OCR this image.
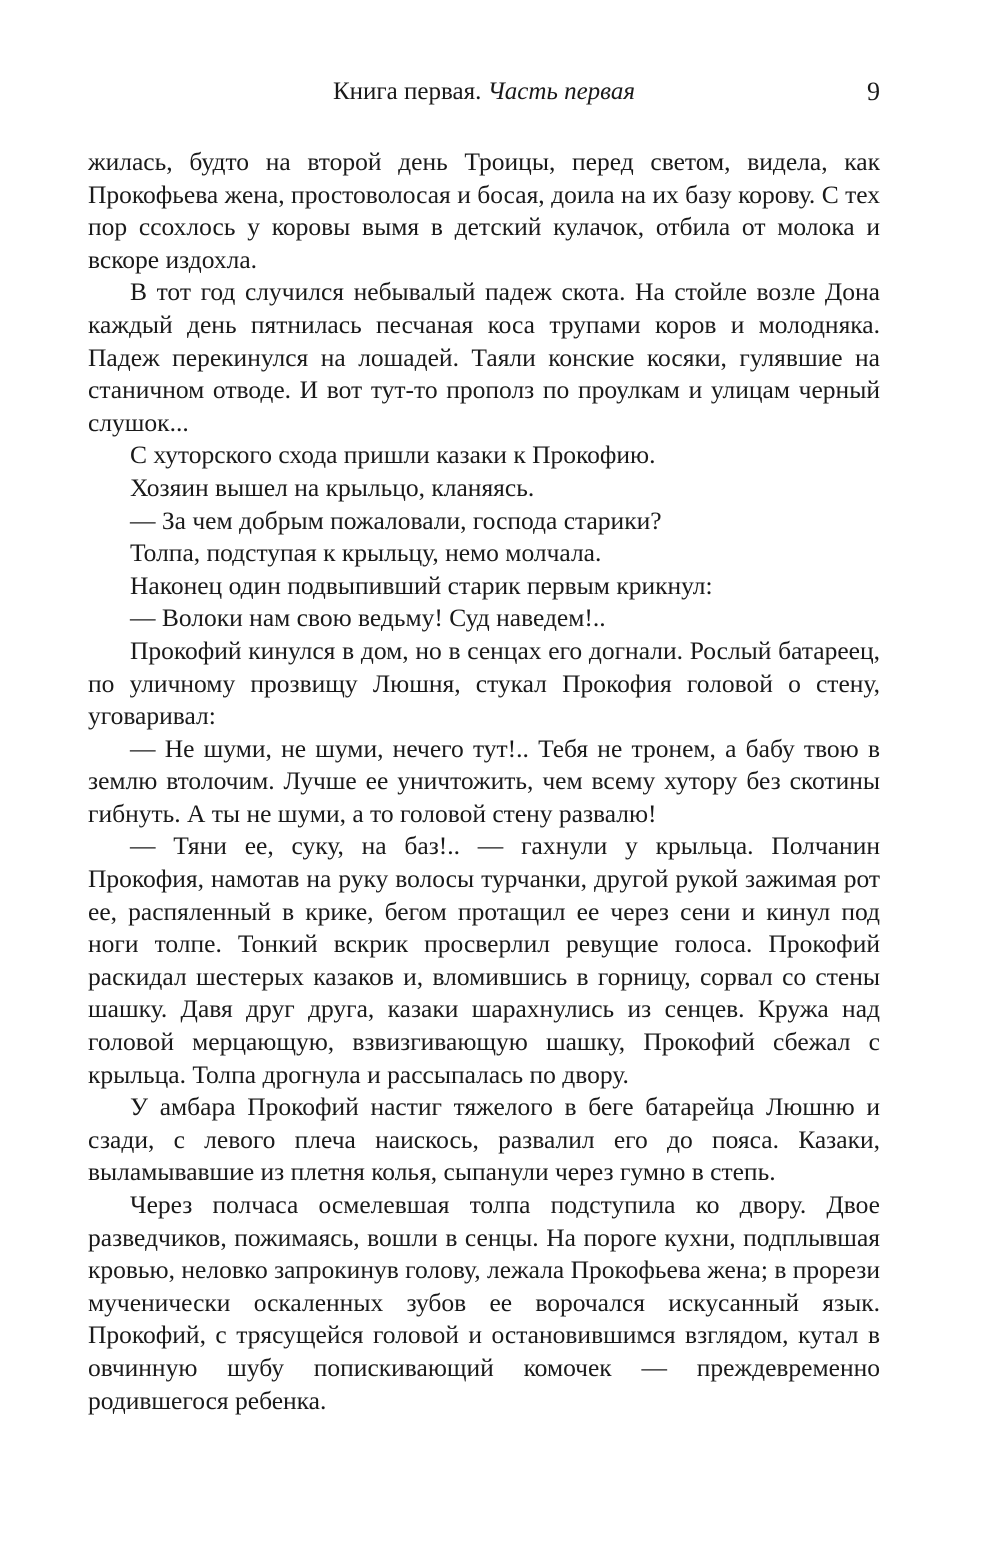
Книга первая. Часть первая	9

жилась, будто на второй день Троицы, перед светом, видела, как Прокофьева жена, простоволосая и босая, доила на их базу корову. С тех пор ссохлось у коровы вымя в детский кулачок, отбила от молока и вскоре издохла.

В тот год случился небывалый падеж скота. На стойле возле Дона каждый день пятнилась песчаная коса трупами коров и молодняка. Падеж перекинулся на лошадей. Таяли конские косяки, гулявшие на станичном отводе. И вот тут-то прополз по проулкам и улицам черный слушок...

С хуторского схода пришли казаки к Прокофию.

Хозяин вышел на крыльцо, кланяясь.

— За чем добрым пожаловали, господа старики?

Толпа, подступая к крыльцу, немо молчала.

Наконец один подвыпивший старик первым крикнул:

— Волоки нам свою ведьму! Суд наведем!..

Прокофий кинулся в дом, но в сенцах его догнали. Рослый батареец, по уличному прозвищу Люшня, стукал Прокофия головой о стену, уговаривал:

— Не шуми, не шуми, нечего тут!.. Тебя не тронем, а бабу твою в землю втолочим. Лучше ее уничтожить, чем всему хутору без скотины гибнуть. А ты не шуми, а то головой стену развалю!

— Тяни ее, суку, на баз!.. — гахнули у крыльца. Полчанин Прокофия, намотав на руку волосы турчанки, другой рукой зажимая рот ее, распяленный в крике, бегом протащил ее через сени и кинул под ноги толпе. Тонкий вскрик просверлил ревущие голоса. Прокофий раскидал шестерых казаков и, вломившись в горницу, сорвал со стены шашку. Давя друг друга, казаки шарахнулись из сенцев. Кружа над головой мерцающую, взвизгивающую шашку, Прокофий сбежал с крыльца. Толпа дрогнула и рассыпалась по двору.

У амбара Прокофий настиг тяжелого в беге батарейца Люшню и сзади, с левого плеча наискось, развалил его до пояса. Казаки, выламывавшие из плетня колья, сыпанули через гумно в степь.

Через полчаса осмелевшая толпа подступила ко двору. Двое разведчиков, пожимаясь, вошли в сенцы. На пороге кухни, подплывшая кровью, неловко запрокинув голову, лежала Прокофьева жена; в прорези мученически оскаленных зубов ее ворочался искусанный язык. Прокофий, с трясущейся головой и остановившимся взглядом, кутал в овчинную шубу попискивающий комочек — преждевременно родившегося ребенка.
